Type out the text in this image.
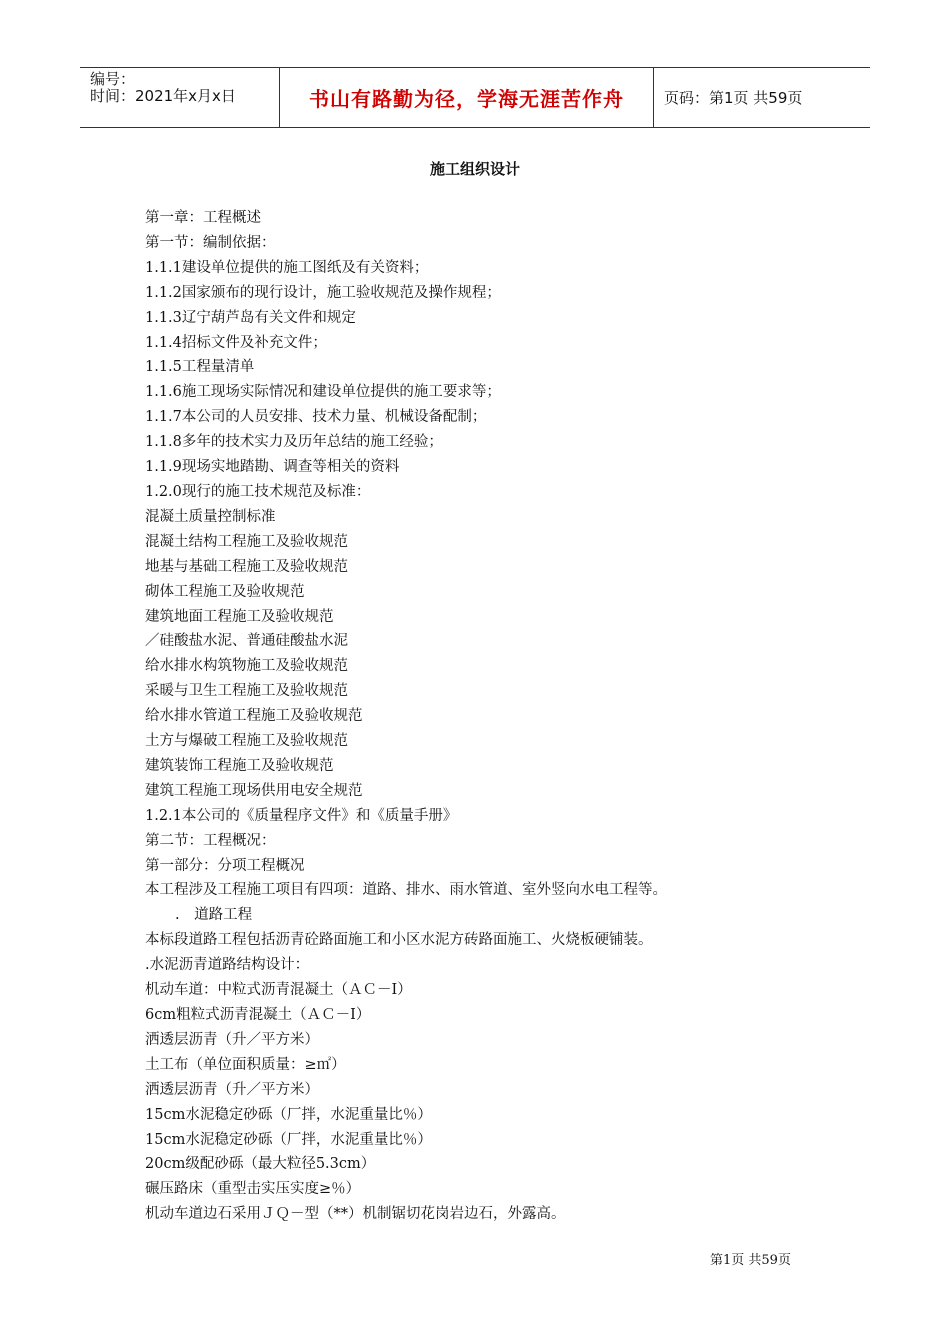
编号：
时间：2021年x月x日	书山有路勤为径，学海无涯苦作舟	页码：第1页 共59页
施工组织设计

第一章：工程概述

第一节：编制依据：

1.1.1建设单位提供的施工图纸及有关资料；

1.1.2国家颁布的现行设计，施工验收规范及操作规程；

1.1.3辽宁葫芦岛有关文件和规定

1.1.4招标文件及补充文件；

1.1.5工程量清单

1.1.6施工现场实际情况和建设单位提供的施工要求等；

1.1.7本公司的人员安排、技术力量、机械设备配制；

1.1.8多年的技术实力及历年总结的施工经验；

1.1.9现场实地踏勘、调查等相关的资料

1.2.0现行的施工技术规范及标准：

混凝土质量控制标准

混凝土结构工程施工及验收规范

地基与基础工程施工及验收规范

砌体工程施工及验收规范

建筑地面工程施工及验收规范

／硅酸盐水泥、普通硅酸盐水泥

给水排水构筑物施工及验收规范

采暖与卫生工程施工及验收规范

给水排水管道工程施工及验收规范

土方与爆破工程施工及验收规范

建筑装饰工程施工及验收规范

建筑工程施工现场供用电安全规范

1.2.1本公司的《质量程序文件》和《质量手册》

第二节：工程概况：

第一部分：分项工程概况

本工程涉及工程施工项目有四项：道路、排水、雨水管道、室外竖向水电工程等。

.　道路工程

本标段道路工程包括沥青砼路面施工和小区水泥方砖路面施工、火烧板硬铺装。

.水泥沥青道路结构设计：

机动车道：中粒式沥青混凝土（ＡＣ－Ⅰ）

6cm粗粒式沥青混凝土（ＡＣ－Ⅰ）

洒透层沥青（升／平方米）

土工布（单位面积质量：≥㎡）

洒透层沥青（升／平方米）

15cm水泥稳定砂砾（厂拌，水泥重量比％）

15cm水泥稳定砂砾（厂拌，水泥重量比％）

20cm级配砂砾（最大粒径5.3cm）

碾压路床（重型击实压实度≥％）

机动车道边石采用ＪＱ－型（**）机制锯切花岗岩边石，外露高。

第1页 共59页
